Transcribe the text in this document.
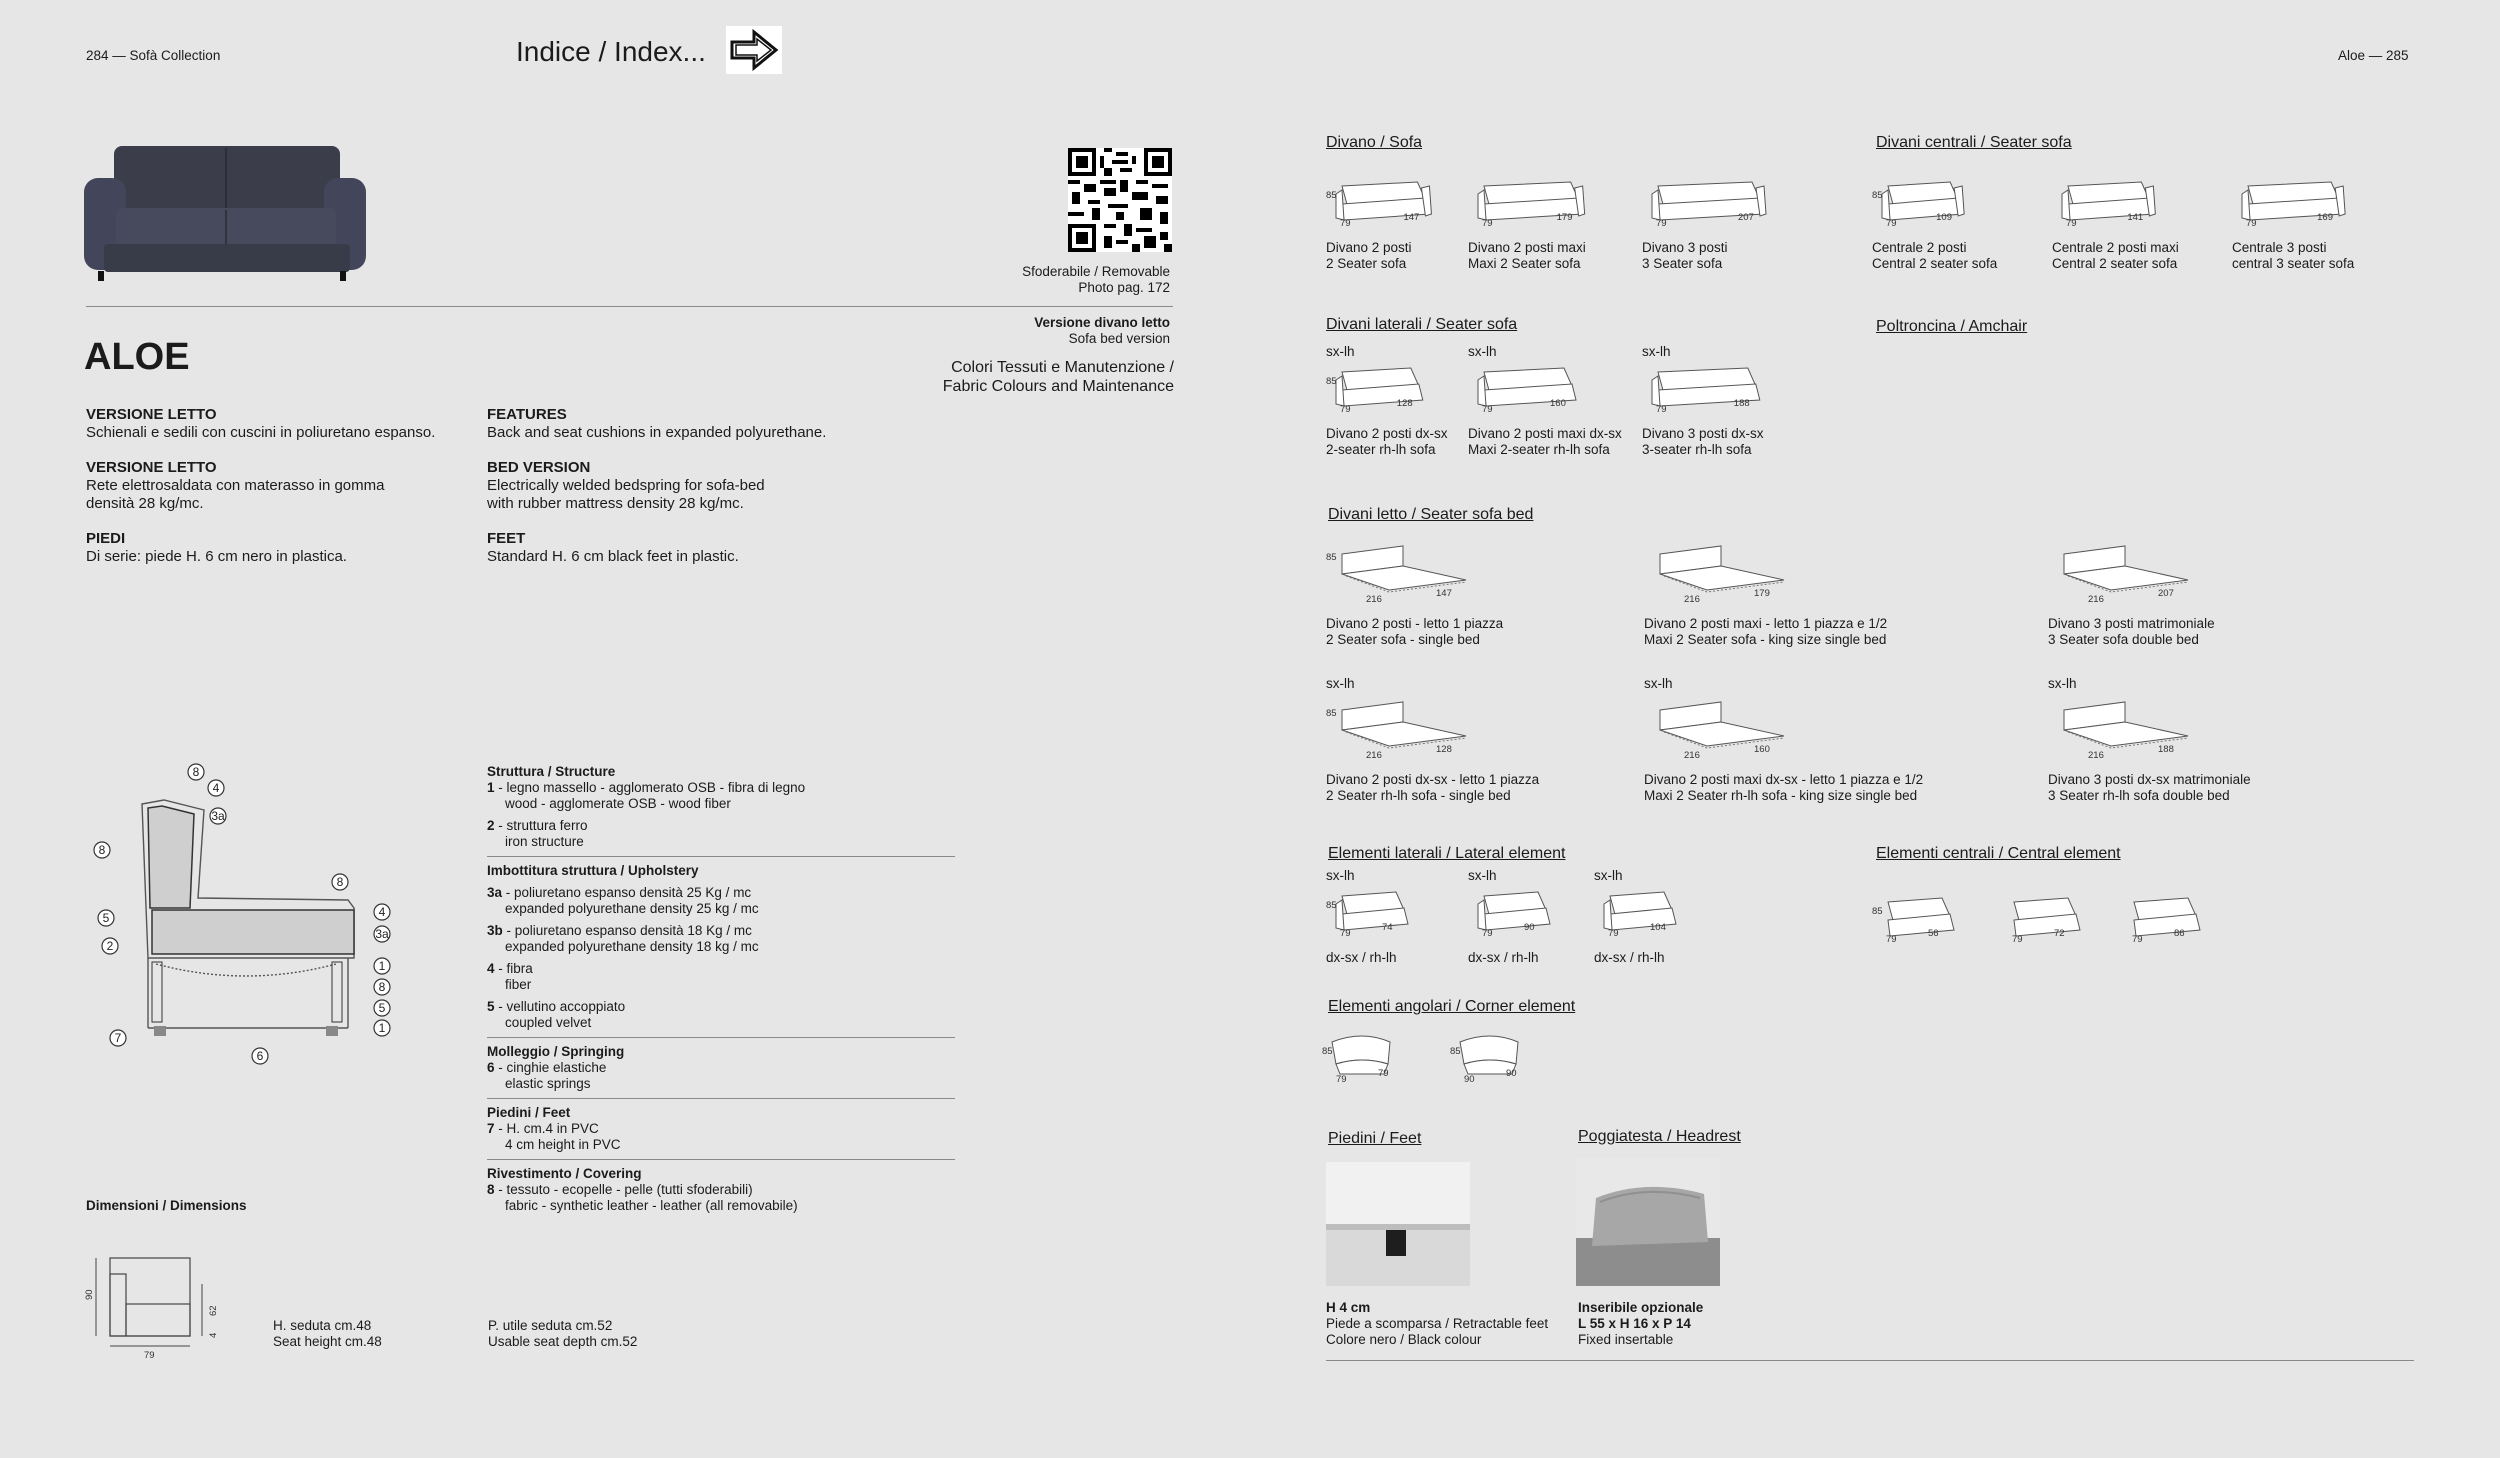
284 — Sofà Collection	Indice / Index...	Aloe — 285
Sfoderabile / Removable
Photo pag. 172
Versione divano letto
Sofa bed version
ALOE	Colori Tessuti e Manutenzione /
Fabric Colours and Maintenance
VERSIONE LETTO
Schienali e sedili con cuscini in poliuretano espanso.
VERSIONE LETTO
Rete elettrosaldata con materasso in gomma
densità 28 kg/mc.
PIEDI
Di serie: piede H. 6 cm nero in plastica.
FEATURES
Back and seat cushions in expanded polyurethane.
BED VERSION
Electrically welded bedspring for sofa-bed
with rubber mattress density 28 kg/mc.
FEET
Standard H. 6 cm black feet in plastic.
8
4
3a
8
8
4
3a
5
2
1
8
5
1
7
6
Struttura / Structure
1 - legno massello - agglomerato OSB - fibra di legno
wood - agglomerate OSB - wood fiber
2 - struttura ferro
iron structure
Imbottitura struttura / Upholstery
3a - poliuretano espanso densità 25 Kg / mc
expanded polyurethane density 25 kg / mc
3b - poliuretano espanso densità 18 Kg / mc
expanded polyurethane density 18 kg / mc
4 - fibra
fiber
5 - vellutino accoppiato
coupled velvet
Molleggio / Springing
6 - cinghie elastiche
elastic springs
Piedini / Feet
7 - H. cm.4 in PVC
4 cm height in PVC
Rivestimento / Covering
8 - tessuto - ecopelle - pelle (tutti sfoderabili)
fabric - synthetic leather - leather (all removabile)
Dimensioni / Dimensions
90
62
4
79
H. seduta cm.48
Seat height cm.48
P. utile seduta cm.52
Usable seat depth cm.52
Divano / Sofa	Divani centrali / Seater sofa
Divani laterali / Seater sofa	Poltroncina / Amchair
Divani letto / Seater sofa bed
Elementi laterali / Lateral element	Elementi centrali / Central element
Elementi angolari / Corner element
Piedini / Feet	Poggiatesta / Headrest
85
79
147
Divano 2 posti
2 Seater sofa
79
179
Divano 2 posti maxi
Maxi 2 Seater sofa
79
207
Divano 3 posti
3 Seater sofa
85
79
109
Centrale 2 posti
Central 2 seater sofa
79
141
Centrale 2 posti maxi
Central 2 seater sofa
79
169
Centrale 3 posti
central 3 seater sofa
sx-lh
85
79
128
Divano 2 posti dx-sx
2-seater rh-lh sofa
sx-lh
79
160
Divano 2 posti maxi dx-sx
Maxi 2-seater rh-lh sofa
sx-lh
79
188
Divano 3 posti dx-sx
3-seater rh-lh sofa
85
216
147
Divano 2 posti - letto 1 piazza
2 Seater sofa - single bed
216
179
Divano 2 posti maxi - letto 1 piazza e 1/2
Maxi 2 Seater sofa - king size single bed
216
207
Divano 3 posti matrimoniale
3 Seater sofa double bed
sx-lh
85
216
128
Divano 2 posti dx-sx - letto 1 piazza
2 Seater rh-lh sofa - single bed
sx-lh
216
160
Divano 2 posti maxi dx-sx - letto 1 piazza e 1/2
Maxi 2 Seater rh-lh sofa - king size single bed
sx-lh
216
188
Divano 3 posti dx-sx matrimoniale
3 Seater rh-lh sofa double bed
sx-lh
85
79
74
dx-sx / rh-lh
sx-lh
79
90
dx-sx / rh-lh
sx-lh
79
104
dx-sx / rh-lh
85
79
56
79
72
79
86
85
79
79
85
90
90
H 4 cm
Piede a scomparsa / Retractable feet
Colore nero / Black colour
Inseribile opzionale
L 55 x H 16 x P 14
Fixed insertable
